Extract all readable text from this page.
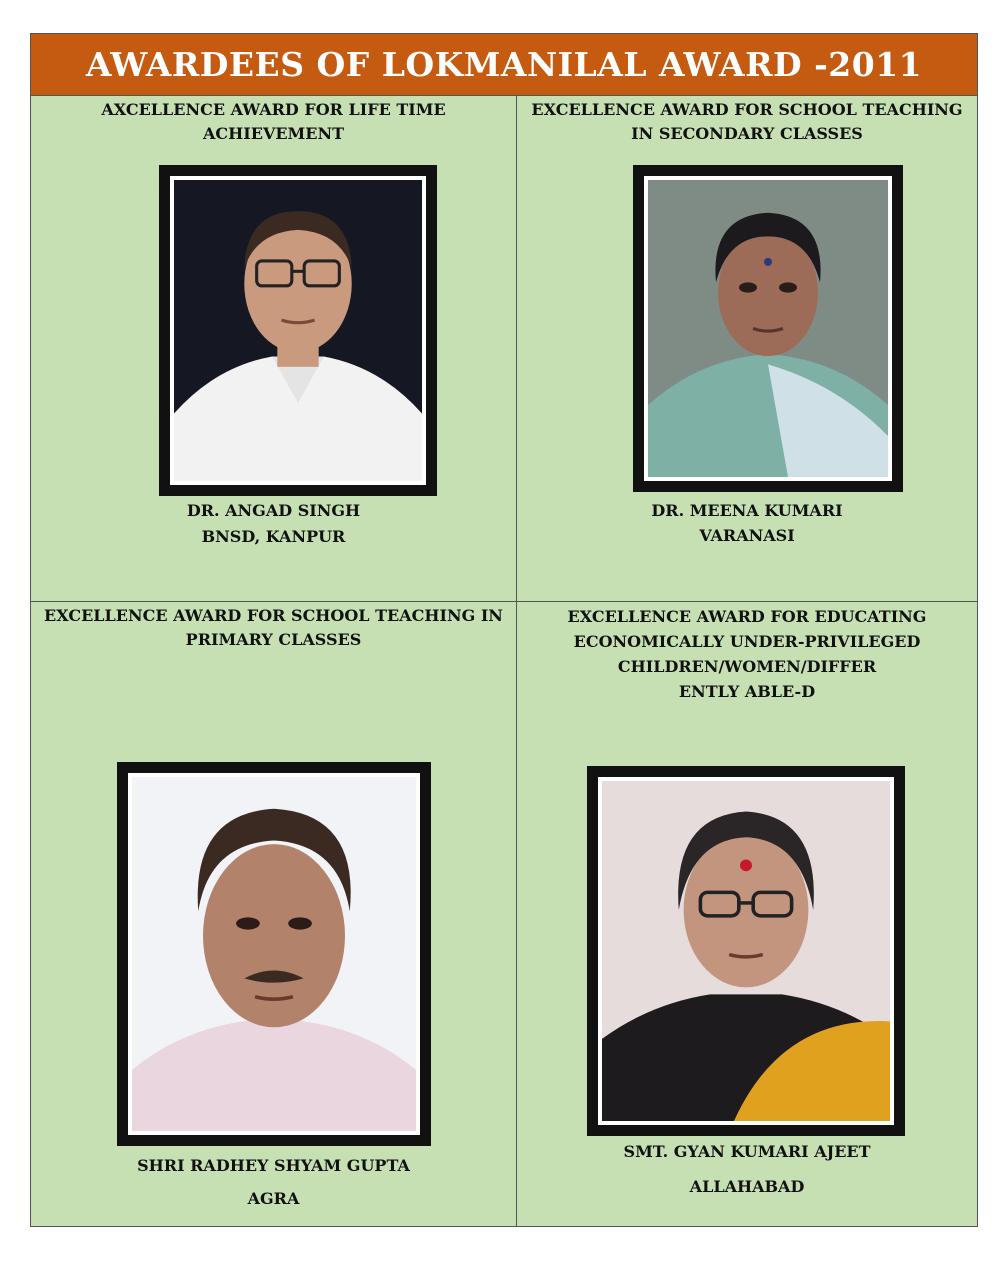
AWARDEES OF LOKMANILAL AWARD -2011
AXCELLENCE AWARD FOR LIFE TIME
ACHIEVEMENT
DR. ANGAD SINGH
BNSD, KANPUR
EXCELLENCE AWARD FOR SCHOOL TEACHING
IN SECONDARY CLASSES
DR. MEENA KUMARI
VARANASI
EXCELLENCE AWARD FOR SCHOOL TEACHING IN
PRIMARY CLASSES
SHRI RADHEY SHYAM GUPTA
AGRA
EXCELLENCE AWARD FOR EDUCATING
ECONOMICALLY UNDER-PRIVILEGED
CHILDREN/WOMEN/DIFFER
ENTLY ABLE-D
SMT. GYAN KUMARI AJEET
ALLAHABAD
